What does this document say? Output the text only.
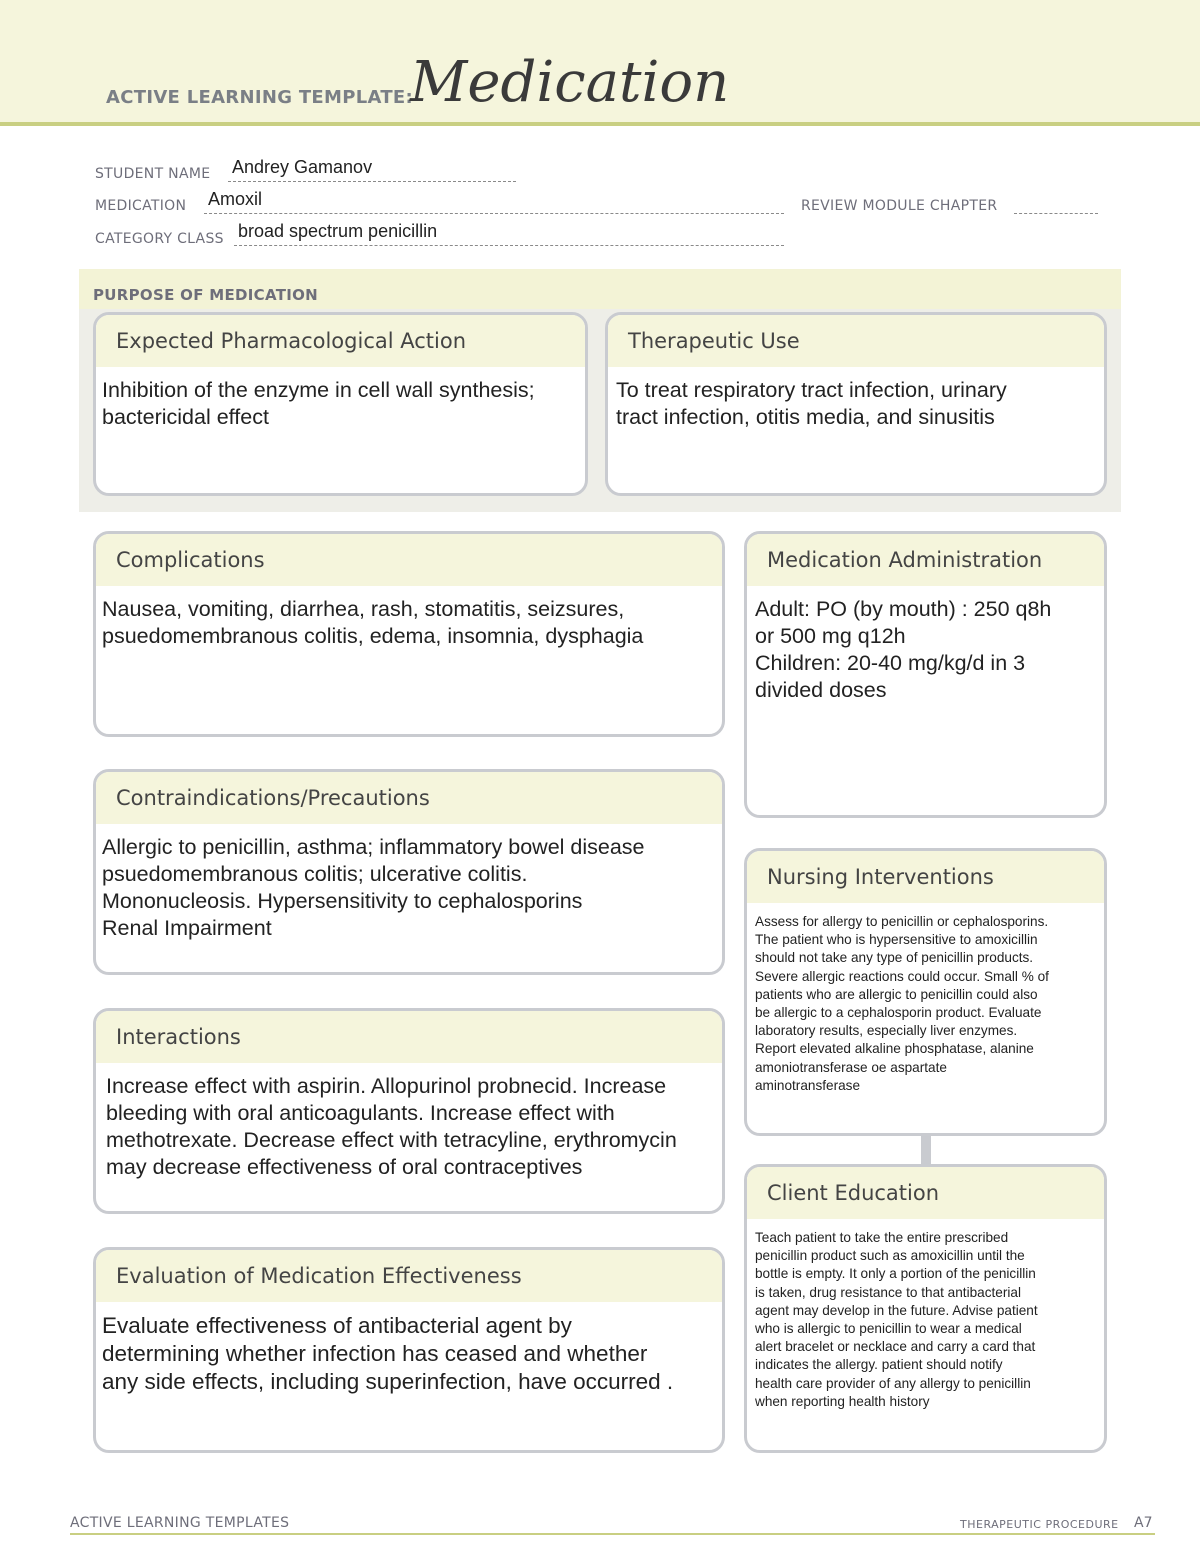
ACTIVE LEARNING TEMPLATE:
Medication
STUDENT NAME Andrey Gamanov
MEDICATION Amoxil	REVIEW MODULE CHAPTER
CATEGORY CLASS broad spectrum penicillin
PURPOSE OF MEDICATION
Expected Pharmacological Action
Inhibition of the enzyme in cell wall synthesis;
bactericidal effect
Therapeutic Use
To treat respiratory tract infection, urinary
tract infection, otitis media, and sinusitis
Complications
Nausea, vomiting, diarrhea, rash, stomatitis, seizsures,
psuedomembranous colitis, edema, insomnia, dysphagia
Contraindications/Precautions
Allergic to penicillin, asthma; inflammatory bowel disease
psuedomembranous colitis; ulcerative colitis.
Mononucleosis. Hypersensitivity to cephalosporins
Renal Impairment
Interactions
Increase effect with aspirin. Allopurinol probnecid. Increase
bleeding with oral anticoagulants. Increase effect with
methotrexate. Decrease effect with tetracyline, erythromycin
may decrease effectiveness of oral contraceptives
Evaluation of Medication Effectiveness
Evaluate effectiveness of antibacterial agent by
determining whether infection has ceased and whether
any side effects, including superinfection, have occurred .
Medication Administration
Adult: PO (by mouth) : 250 q8h
or 500 mg q12h
Children: 20-40 mg/kg/d in 3
divided doses
Nursing Interventions
Assess for allergy to penicillin or cephalosporins.
The patient who is hypersensitive to amoxicillin
should not take any type of penicillin products.
Severe allergic reactions could occur. Small % of
patients who are allergic to penicillin could also
be allergic to a cephalosporin product. Evaluate
laboratory results, especially liver enzymes.
Report elevated alkaline phosphatase, alanine
amoniotransferase oe aspartate
aminotransferase
Client Education
Teach patient to take the entire prescribed
penicillin product such as amoxicillin until the
bottle is empty. It only a portion of the penicillin
is taken, drug resistance to that antibacterial
agent may develop in the future. Advise patient
who is allergic to penicillin to wear a medical
alert bracelet or necklace and carry a card that
indicates the allergy. patient should notify
health care provider of any allergy to penicillin
when reporting health history
ACTIVE LEARNING TEMPLATES	THERAPEUTIC PROCEDURE A7
